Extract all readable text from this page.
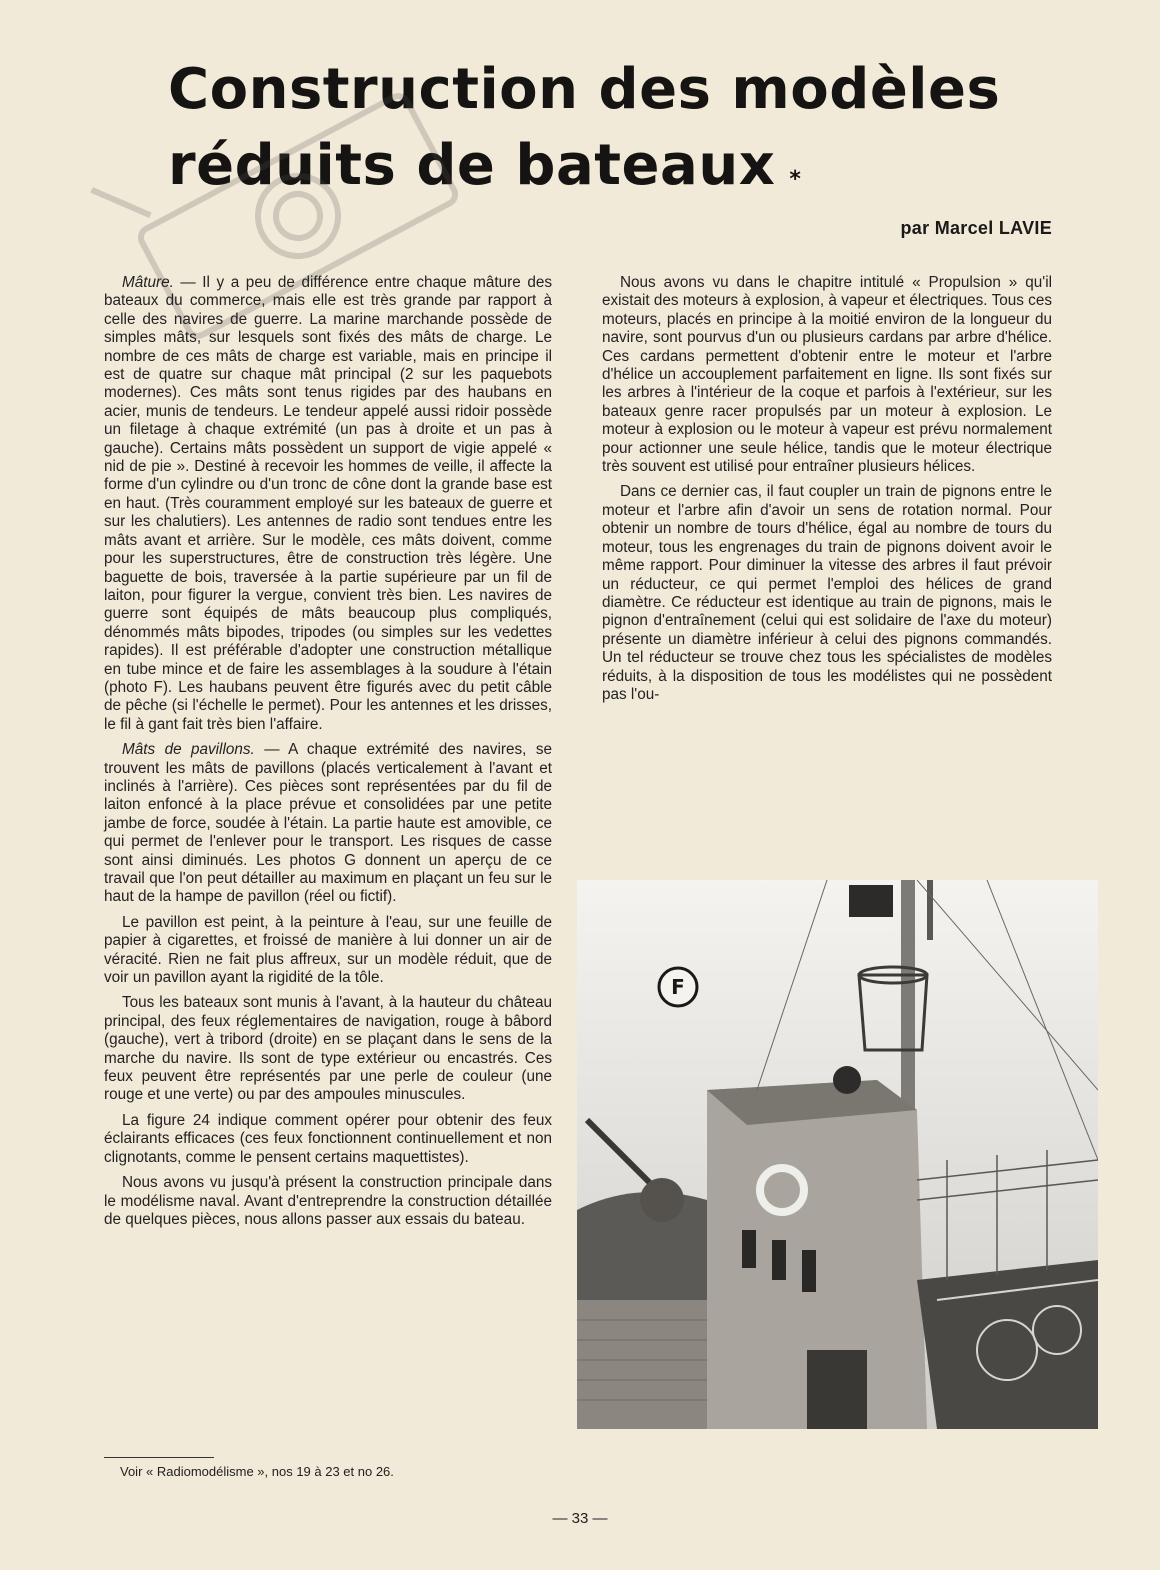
Construction des modèles
réduits de bateaux *
par Marcel LAVIE

Mâture. — Il y a peu de différence entre chaque mâture des bateaux du commerce, mais elle est très grande par rapport à celle des navires de guerre. La marine marchande possède de simples mâts, sur lesquels sont fixés des mâts de charge. Le nombre de ces mâts de charge est variable, mais en principe il est de quatre sur chaque mât principal (2 sur les paquebots modernes). Ces mâts sont tenus rigides par des haubans en acier, munis de tendeurs. Le tendeur appelé aussi ridoir possède un filetage à chaque extrémité (un pas à droite et un pas à gauche). Certains mâts possèdent un support de vigie appelé « nid de pie ». Destiné à recevoir les hommes de veille, il affecte la forme d'un cylindre ou d'un tronc de cône dont la grande base est en haut. (Très couramment employé sur les bateaux de guerre et sur les chalutiers). Les antennes de radio sont tendues entre les mâts avant et arrière. Sur le modèle, ces mâts doivent, comme pour les superstructures, être de construction très légère. Une baguette de bois, traversée à la partie supérieure par un fil de laiton, pour figurer la vergue, convient très bien. Les navires de guerre sont équipés de mâts beaucoup plus compliqués, dénommés mâts bipodes, tripodes (ou simples sur les vedettes rapides). Il est préférable d'adopter une construction métallique en tube mince et de faire les assemblages à la soudure à l'étain (photo F). Les haubans peuvent être figurés avec du petit câble de pêche (si l'échelle le permet). Pour les antennes et les drisses, le fil à gant fait très bien l'affaire.

Mâts de pavillons. — A chaque extrémité des navires, se trouvent les mâts de pavillons (placés verticalement à l'avant et inclinés à l'arrière). Ces pièces sont représentées par du fil de laiton enfoncé à la place prévue et consolidées par une petite jambe de force, soudée à l'étain. La partie haute est amovible, ce qui permet de l'enlever pour le transport. Les risques de casse sont ainsi diminués. Les photos G donnent un aperçu de ce travail que l'on peut détailler au maximum en plaçant un feu sur le haut de la hampe de pavillon (réel ou fictif).

Le pavillon est peint, à la peinture à l'eau, sur une feuille de papier à cigarettes, et froissé de manière à lui donner un air de véracité. Rien ne fait plus affreux, sur un modèle réduit, que de voir un pavillon ayant la rigidité de la tôle.

Tous les bateaux sont munis à l'avant, à la hauteur du château principal, des feux réglementaires de navigation, rouge à bâbord (gauche), vert à tribord (droite) en se plaçant dans le sens de la marche du navire. Ils sont de type extérieur ou encastrés. Ces feux peuvent être représentés par une perle de couleur (une rouge et une verte) ou par des ampoules minuscules.

La figure 24 indique comment opérer pour obtenir des feux éclairants efficaces (ces feux fonctionnent continuellement et non clignotants, comme le pensent certains maquettistes).

Nous avons vu jusqu'à présent la construction principale dans le modélisme naval. Avant d'entreprendre la construction détaillée de quelques pièces, nous allons passer aux essais du bateau.

Nous avons vu dans le chapitre intitulé « Propulsion » qu'il existait des moteurs à explosion, à vapeur et électriques. Tous ces moteurs, placés en principe à la moitié environ de la longueur du navire, sont pourvus d'un ou plusieurs cardans par arbre d'hélice. Ces cardans permettent d'obtenir entre le moteur et l'arbre d'hélice un accouplement parfaitement en ligne. Ils sont fixés sur les arbres à l'intérieur de la coque et parfois à l'extérieur, sur les bateaux genre racer propulsés par un moteur à explosion. Le moteur à explosion ou le moteur à vapeur est prévu normalement pour actionner une seule hélice, tandis que le moteur électrique très souvent est utilisé pour entraîner plusieurs hélices.

Dans ce dernier cas, il faut coupler un train de pignons entre le moteur et l'arbre afin d'avoir un sens de rotation normal. Pour obtenir un nombre de tours d'hélice, égal au nombre de tours du moteur, tous les engrenages du train de pignons doivent avoir le même rapport. Pour diminuer la vitesse des arbres il faut prévoir un réducteur, ce qui permet l'emploi des hélices de grand diamètre. Ce réducteur est identique au train de pignons, mais le pignon d'entraînement (celui qui est solidaire de l'axe du moteur) présente un diamètre inférieur à celui des pignons commandés. Un tel réducteur se trouve chez tous les spécialistes de modèles réduits, à la disposition de tous les modélistes qui ne possèdent pas l'ou-

F
Voir « Radiomodélisme », nos 19 à 23 et no 26.
— 33 —
